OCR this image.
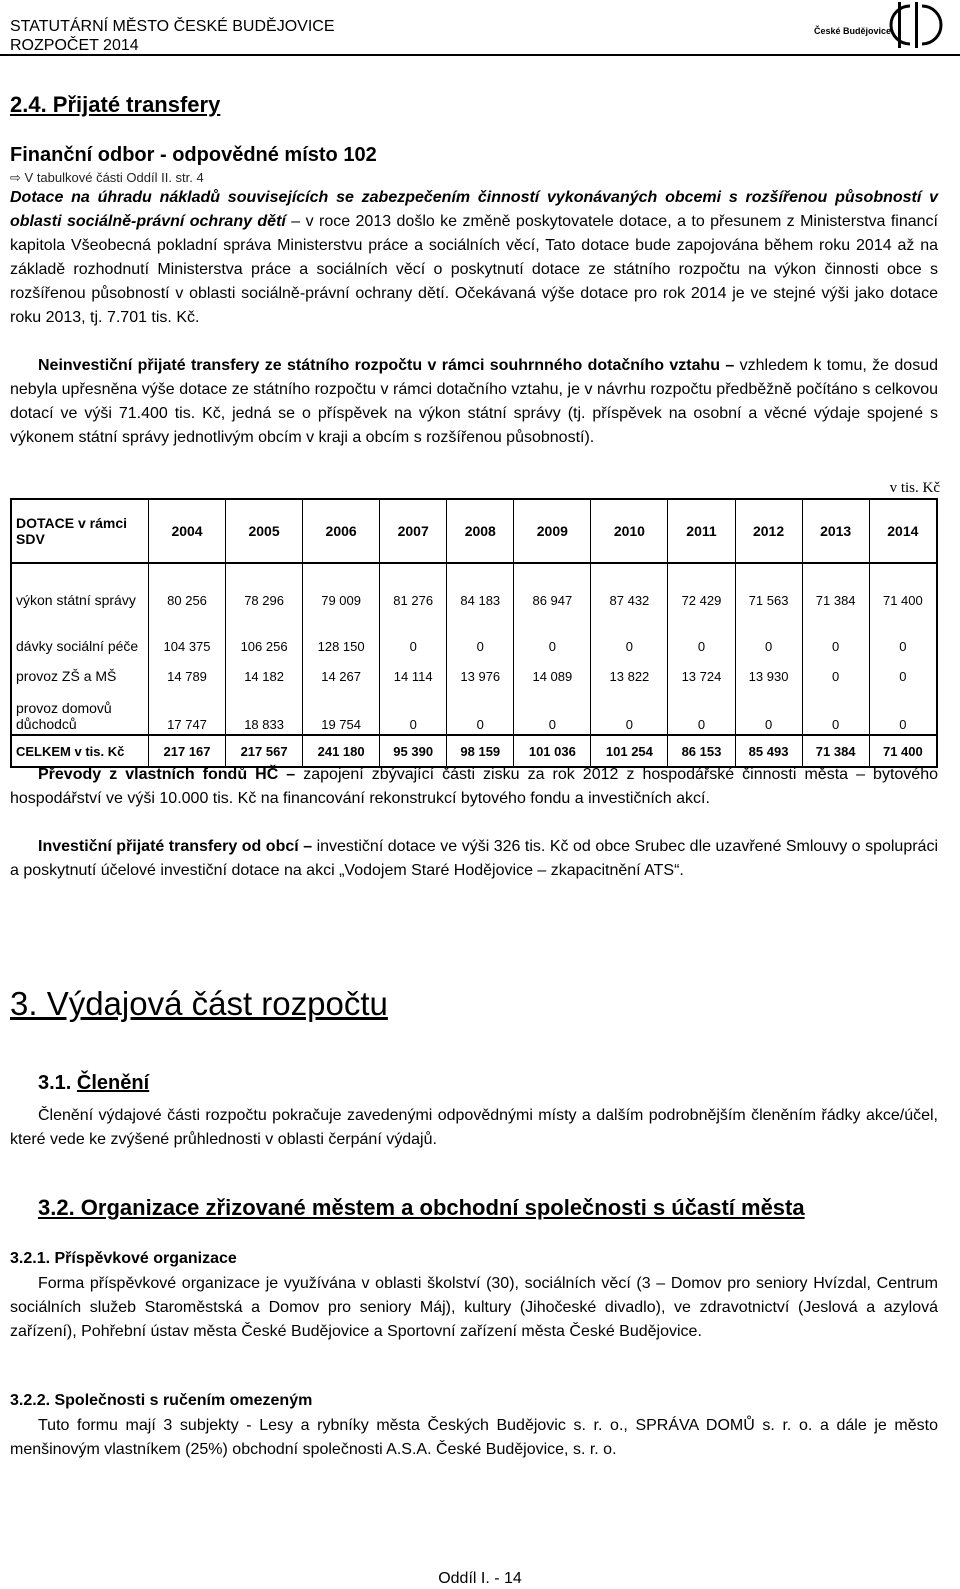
STATUTÁRNÍ MĚSTO ČESKÉ BUDĚJOVICE
ROZPOČET 2014
České Budějovice
2.4. Přijaté transfery
Finanční odbor - odpovědné místo 102
⇨ V tabulkové části Oddíl II. str. 4
Dotace na úhradu nákladů souvisejících se zabezpečením činností vykonávaných obcemi s rozšířenou působností v oblasti sociálně-právní ochrany dětí – v roce 2013 došlo ke změně poskytovatele dotace, a to přesunem z Ministerstva financí kapitola Všeobecná pokladní správa Ministerstvu práce a sociálních věcí, Tato dotace bude zapojována během roku 2014 až na základě rozhodnutí Ministerstva práce a sociálních věcí o poskytnutí dotace ze státního rozpočtu na výkon činnosti obce s rozšířenou působností v oblasti sociálně-právní ochrany dětí. Očekávaná výše dotace pro rok 2014 je ve stejné výši jako dotace roku 2013, tj. 7.701 tis. Kč.
Neinvestiční přijaté transfery ze státního rozpočtu v rámci souhrnného dotačního vztahu – vzhledem k tomu, že dosud nebyla upřesněna výše dotace ze státního rozpočtu v rámci dotačního vztahu, je v návrhu rozpočtu předběžně počítáno s celkovou dotací ve výši 71.400 tis. Kč, jedná se o příspěvek na výkon státní správy (tj. příspěvek na osobní a věcné výdaje spojené s výkonem státní správy jednotlivým obcím v kraji a obcím s rozšířenou působností).
v tis. Kč
DOTACE v rámci SDV	2004	2005	2006	2007	2008	2009	2010	2011	2012	2013	2014
výkon státní správy	80 256	78 296	79 009	81 276	84 183	86 947	87 432	72 429	71 563	71 384	71 400
dávky sociální péče	104 375	106 256	128 150	0	0	0	0	0	0	0	0
provoz ZŠ a MŠ	14 789	14 182	14 267	14 114	13 976	14 089	13 822	13 724	13 930	0	0
provoz domovů důchodců	17 747	18 833	19 754	0	0	0	0	0	0	0	0
CELKEM v tis. Kč	217 167	217 567	241 180	95 390	98 159	101 036	101 254	86 153	85 493	71 384	71 400
Převody z vlastních fondů HČ – zapojení zbývající části zisku za rok 2012 z hospodářské činnosti města – bytového hospodářství ve výši 10.000 tis. Kč na financování rekonstrukcí bytového fondu a investičních akcí.
Investiční přijaté transfery od obcí – investiční dotace ve výši 326 tis. Kč od obce Srubec dle uzavřené Smlouvy o spolupráci a poskytnutí účelové investiční dotace na akci „Vodojem Staré Hodějovice – zkapacitnění ATS“.
3. Výdajová část rozpočtu
3.1. Členění
Členění výdajové části rozpočtu pokračuje zavedenými odpovědnými místy a dalším podrobnějším členěním řádky akce/účel, které vede ke zvýšené průhlednosti v oblasti čerpání výdajů.
3.2. Organizace zřizované městem a obchodní společnosti s účastí města
3.2.1. Příspěvkové organizace
Forma příspěvkové organizace je využívána v oblasti školství (30), sociálních věcí (3 – Domov pro seniory Hvízdal, Centrum sociálních služeb Staroměstská a Domov pro seniory Máj), kultury (Jihočeské divadlo), ve zdravotnictví (Jeslová a azylová zařízení), Pohřební ústav města České Budějovice a Sportovní zařízení města České Budějovice.
3.2.2. Společnosti s ručením omezeným
Tuto formu mají 3 subjekty - Lesy a rybníky města Českých Budějovic s. r. o., SPRÁVA DOMŮ s. r. o. a dále je město menšinovým vlastníkem (25%) obchodní společnosti A.S.A. České Budějovice, s. r. o.
Oddíl I. - 14
